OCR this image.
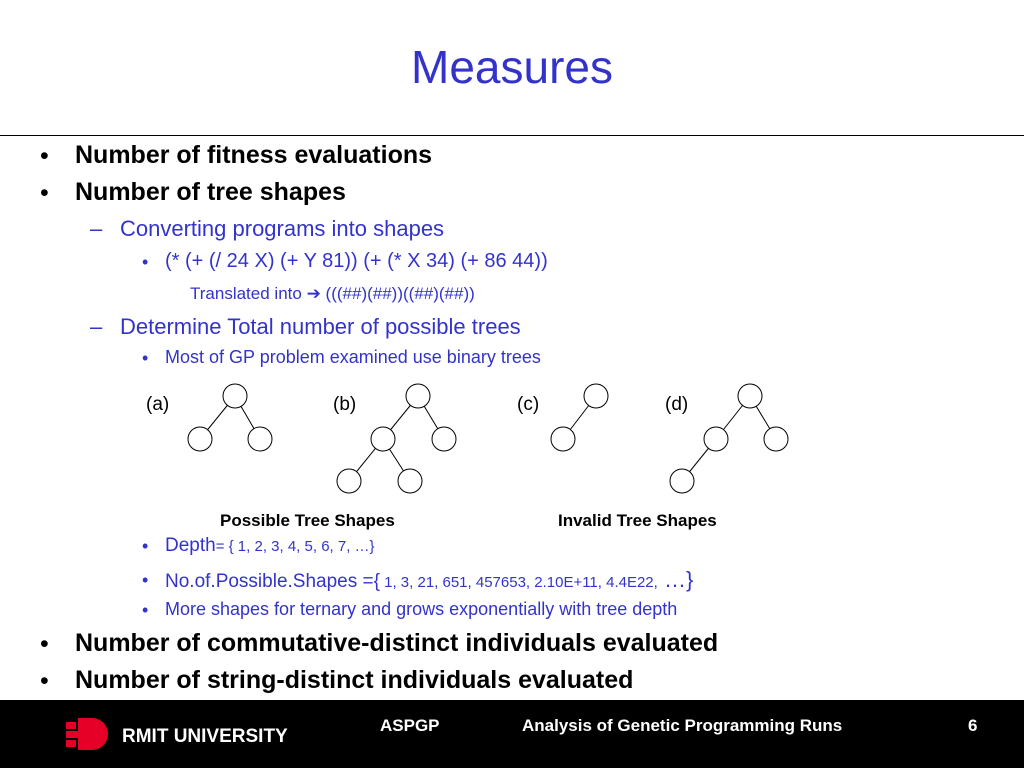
Measures
• Number of fitness evaluations
• Number of tree shapes
– Converting programs into shapes
• (* (+ (/ 24 X) (+ Y 81)) (+ (* X 34) (+ 86 44))
Translated into ➔ (((##)(##))((##)(##))
– Determine Total number of possible trees
• Most of GP problem examined use binary trees
(a)	(b)	(c)	(d)
Possible Tree Shapes	Invalid Tree Shapes
• Depth= { 1, 2, 3, 4, 5, 6, 7, …}
• No.of.Possible.Shapes ={ 1, 3, 21, 651, 457653, 2.10E+11, 4.4E22, …}
• More shapes for ternary and grows exponentially with tree depth
• Number of commutative-distinct individuals evaluated
• Number of string-distinct individuals evaluated
RMIT UNIVERSITY
ASPGP	Analysis of Genetic Programming Runs	6
